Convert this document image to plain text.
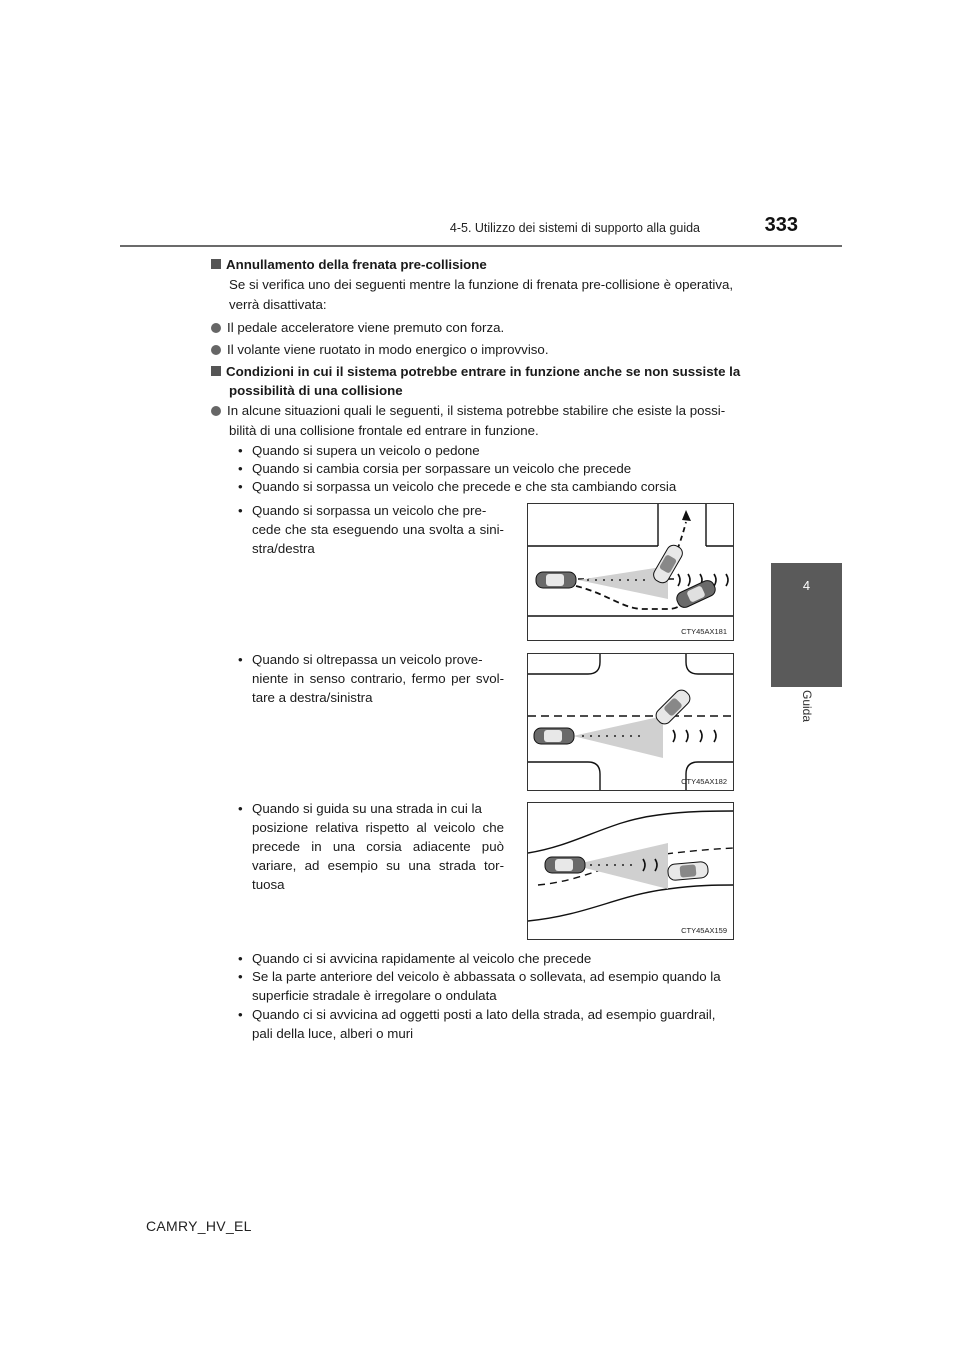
4-5. Utilizzo dei sistemi di supporto alla guida	333
4
Guida
Annullamento della frenata pre-collisione
Se si verifica uno dei seguenti mentre la funzione di frenata pre-collisione è operativa, verrà disattivata:
Il pedale acceleratore viene premuto con forza.
Il volante viene ruotato in modo energico o improvviso.
Condizioni in cui il sistema potrebbe entrare in funzione anche se non sussiste la
possibilità di una collisione
In alcune situazioni quali le seguenti, il sistema potrebbe stabilire che esiste la possi-
bilità di una collisione frontale ed entrare in funzione.
• Quando si supera un veicolo o pedone
• Quando si cambia corsia per sorpassare un veicolo che precede
• Quando si sorpassa un veicolo che precede e che sta cambiando corsia
• Quando si sorpassa un veicolo che pre-
cede che sta eseguendo una svolta a sini-stra/destra
CTY45AX181
• Quando si oltrepassa un veicolo prove-
niente in senso contrario, fermo per svol-tare a destra/sinistra
CTY45AX182
• Quando si guida su una strada in cui la
posizione relativa rispetto al veicolo che precede in una corsia adiacente può variare, ad esempio su una strada tor-tuosa
CTY45AX159
• Quando ci si avvicina rapidamente al veicolo che precede
• Se la parte anteriore del veicolo è abbassata o sollevata, ad esempio quando la
superficie stradale è irregolare o ondulata
• Quando ci si avvicina ad oggetti posti a lato della strada, ad esempio guardrail,
pali della luce, alberi o muri
CAMRY_HV_EL
